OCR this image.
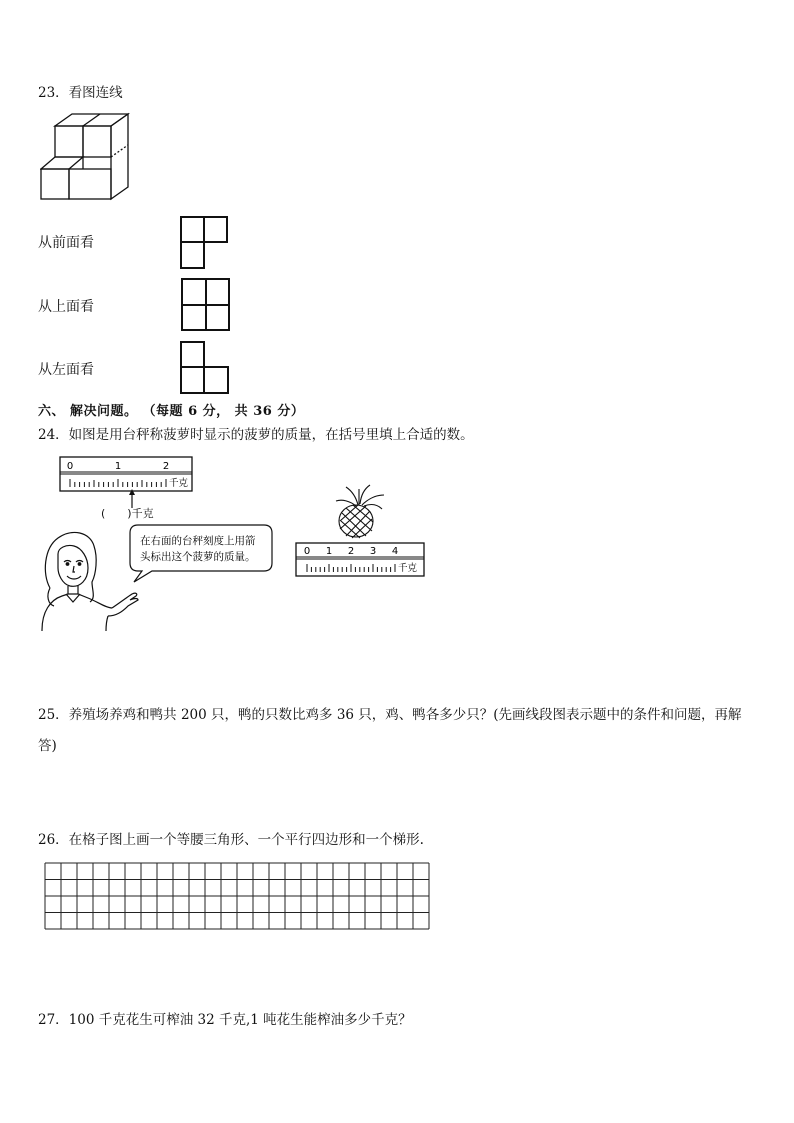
23．看图连线
从前面看
从上面看
从左面看
六、 解决问题。 （每题 6 分， 共 36 分）
24．如图是用台秤称菠萝时显示的菠萝的质量，在括号里填上合适的数。
0	1	2
千克
(　　)千克
在右面的台秤刻度上用箭
头标出这个菠萝的质量。	0 1 2 3 4
千克
25．养殖场养鸡和鸭共 200 只，鸭的只数比鸡多 36 只，鸡、鸭各多少只？(先画线段图表示题中的条件和问题，再解
答)
26．在格子图上画一个等腰三角形、一个平行四边形和一个梯形.
27．100 千克花生可榨油 32 千克,1 吨花生能榨油多少千克？
